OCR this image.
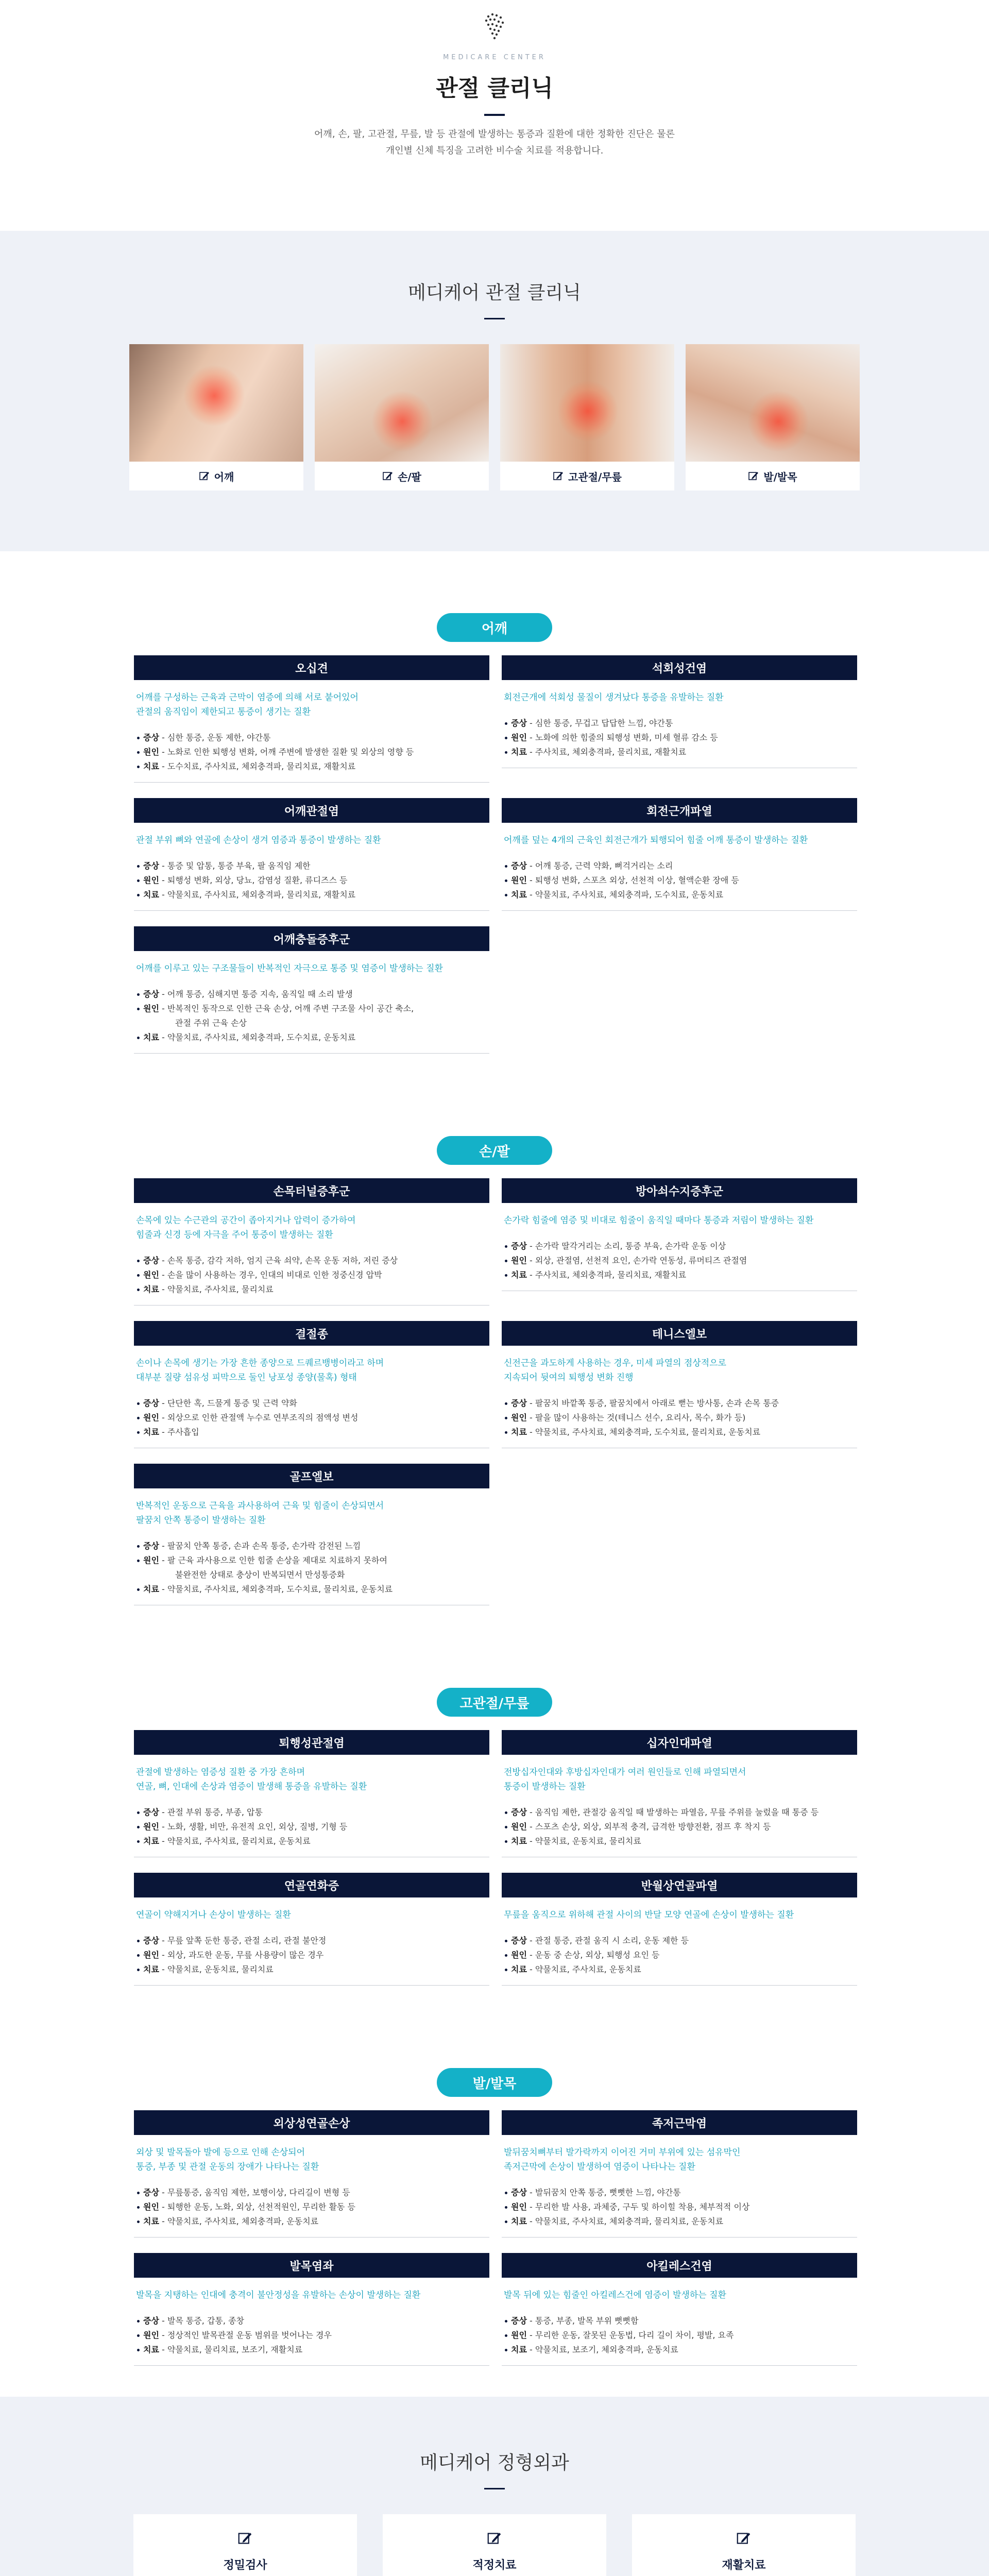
MEDICARE CENTER
관절 클리닉

어깨, 손, 팔, 고관절, 무릎, 발 등 관절에 발생하는 통증과 질환에 대한 정확한 진단은 물론

개인별 신체 특징을 고려한 비수술 치료를 적용합니다.

메디케어 관절 클리닉
어깨	손/팔	고관절/무릎	발/발목
어깨
오십견
어깨를 구성하는 근육과 근막이 염증에 의해 서로 붙어있어
관절의 움직임이 제한되고 통증이 생기는 질환
증상 - 심한 통증, 운동 제한, 야간통
원인 - 노화로 인한 퇴행성 변화, 어깨 주변에 발생한 질환 및 외상의 영향 등
치료 - 도수치료, 주사치료, 체외충격파, 물리치료, 재활치료
석회성건염
회전근개에 석회성 물질이 생겨났다 통증을 유발하는 질환
증상 - 심한 통증, 무겁고 답답한 느낌, 야간통
원인 - 노화에 의한 힘줄의 퇴행성 변화, 미세 혈류 감소 등
치료 - 주사치료, 체외충격파, 물리치료, 재활치료
어깨관절염
관절 부위 뼈와 연골에 손상이 생겨 염증과 통증이 발생하는 질환
증상 - 통증 및 압통, 통증 부육, 팔 움직임 제한
원인 - 퇴행성 변화, 외상, 당뇨, 감염성 질환, 류디즈스 등
치료 - 약물치료, 주사치료, 체외충격파, 물리치료, 재활치료
회전근개파열
어깨를 덮는 4개의 근육인 회전근개가 퇴행되어 힘줄 어깨 통증이 발생하는 질환
증상 - 어깨 통증, 근력 약화, 뻐걱거리는 소리
원인 - 퇴행성 변화, 스포츠 외상, 선천적 이상, 혈액순환 장애 등
치료 - 약물치료, 주사치료, 체외충격파, 도수치료, 운동치료
어깨충돌증후군
어깨를 이루고 있는 구조물들이 반복적인 자극으로 통증 및 염증이 발생하는 질환
증상 - 어깨 통증, 심해지면 통증 지속, 움직일 때 소리 발생
원인 - 반복적인 동작으로 인한 근육 손상, 어깨 주변 구조물 사이 공간 축소,
관절 주위 근육 손상
치료 - 약물치료, 주사치료, 체외충격파, 도수치료, 운동치료
손/팔
손목터널증후군
손목에 있는 수근관의 공간이 좁아지거나 압력이 증가하여
힘줄과 신경 등에 자극을 주어 통증이 발생하는 질환
증상 - 손목 통증, 감각 저하, 엄지 근육 쇠약, 손목 운동 저하, 저린 증상
원인 - 손을 많이 사용하는 경우, 인대의 비대로 인한 정중신경 압박
치료 - 약물치료, 주사치료, 물리치료
방아쇠수지증후군
손가락 힘줄에 염증 및 비대로 힘줄이 움직일 때마다 통증과 저림이 발생하는 질환
증상 - 손가락 딸각거리는 소리, 통증 부육, 손가락 운동 이상
원인 - 외상, 관절염, 선천적 요인, 손가락 연동성, 류머티즈 관절염
치료 - 주사치료, 체외충격파, 물리치료, 재활치료
결절종
손이나 손목에 생기는 가장 흔한 종양으로 드퀘르뱅병이라고 하며
대부분 질량 섬유성 피막으로 둘인 낭포성 종양(물혹) 형태
증상 - 단단한 혹, 드물게 통증 및 근력 약화
원인 - 외상으로 인한 관절액 누수로 연부조직의 점액성 변성
치료 - 주사흡입
테니스엘보
신전근을 과도하게 사용하는 경우, 미세 파열의 점상적으로
지속되어 뒷여의 퇴행성 변화 진행
증상 - 팔꿈치 바깥쪽 통증, 팔꿈치에서 아래로 뻗는 방사통, 손과 손목 통증
원인 - 팔을 많이 사용하는 것(테니스 선수, 요리사, 목수, 화가 등)
치료 - 약물치료, 주사치료, 체외충격파, 도수치료, 물리치료, 운동치료
골프엘보
반복적인 운동으로 근육을 과사용하여 근육 및 힘줄이 손상되면서
팔꿈치 안쪽 통증이 발생하는 질환
증상 - 팔꿈치 안쪽 통증, 손과 손목 통증, 손가락 감전된 느낌
원인 - 팔 근육 과사용으로 인한 힘줄 손상을 제대로 치료하지 못하여
불완전한 상태로 충상이 반복되면서 만성통증화
치료 - 약물치료, 주사치료, 체외충격파, 도수치료, 물리치료, 운동치료
고관절/무릎
퇴행성관절염
관절에 발생하는 염증성 질환 중 가장 흔하며
연골, 뼈, 인대에 손상과 염증이 발생해 통증을 유발하는 질환
증상 - 관절 부위 통증, 부종, 압통
원인 - 노화, 생활, 비만, 유전적 요인, 외상, 질병, 기형 등
치료 - 약물치료, 주사치료, 물리치료, 운동치료
십자인대파열
전방십자인대와 후방십자인대가 여러 원인들로 인해 파열되면서
통증이 발생하는 질환
증상 - 움직임 제한, 관절강 움직일 때 발생하는 파열음, 무릎 주위를 눌렀을 때 통증 등
원인 - 스포츠 손상, 외상, 외부적 충격, 급격한 방향전환, 점프 후 착지 등
치료 - 약물치료, 운동치료, 물리치료
연골연화증
연골이 약해지거나 손상이 발생하는 질환
증상 - 무릎 앞쪽 둔한 통증, 관절 소리, 관절 불안정
원인 - 외상, 과도한 운동, 무릎 사용량이 많은 경우
치료 - 약물치료, 운동치료, 물리치료
반월상연골파열
무릎을 움직으로 위하해 관절 사이의 반달 모양 연골에 손상이 발생하는 질환
증상 - 관절 통증, 관절 움직 시 소리, 운동 제한 등
원인 - 운동 중 손상, 외상, 퇴행성 요인 등
치료 - 약물치료, 주사치료, 운동치료
발/발목
외상성연골손상
외상 및 발목돌아 발에 등으로 인해 손상되어
통증, 부종 및 관절 운동의 장애가 나타나는 질환
증상 - 무릎통증, 움직임 제한, 보행이상, 다리길이 변형 등
원인 - 퇴행한 운동, 노화, 외상, 선천적원인, 무리한 활동 등
치료 - 약물치료, 주사치료, 체외충격파, 운동치료
족저근막염
발뒤꿈치뼈부터 발가락까지 이어진 거미 부위에 있는 섬유막인
족저근막에 손상이 발생하여 염증이 나타나는 질환
증상 - 발뒤꿈치 안쪽 통증, 뻣뻣한 느낌, 야간통
원인 - 무리한 발 사용, 과체중, 구두 및 하이힐 착용, 체부적적 이상
치료 - 약물치료, 주사치료, 체외충격파, 물리치료, 운동치료
발목염좌
발목을 지탱하는 인대에 충격이 불안정성을 유발하는 손상이 발생하는 질환
증상 - 발목 통증, 갑통, 종창
원인 - 정상적인 발목관절 운동 범위를 벗어나는 경우
치료 - 약물치료, 물리치료, 보조기, 재활치료
아킬레스건염
발목 뒤에 있는 힘줄인 아킬레스건에 염증이 발생하는 질환
증상 - 통증, 부종, 발목 부위 뻣뻣함
원인 - 무리한 운동, 잘못된 운동법, 다리 길이 차이, 평발, 요족
치료 - 약물치료, 보조기, 체외충격파, 운동치료
메디케어 정형외과
정밀검사	적정치료	재활치료
